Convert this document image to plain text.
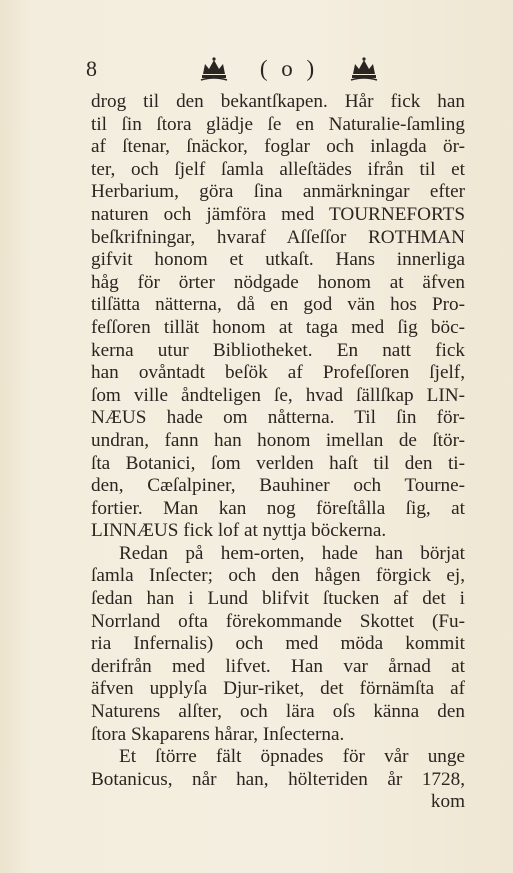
8	( o )
drog til den bekantſkapen. Hår fick han
til ſin ſtora glädje ſe en Naturalie-ſamling
af ſtenar, ſnäckor, foglar och inlagda ör-
ter, och ſjelf ſamla alleſtädes ifrån til et
Herbarium, göra ſina anmärkningar efter
naturen och jämföra med TOURNEFORTS
beſkrifningar, hvaraf Aſſeſſor ROTHMAN
gifvit honom et utkaſt. Hans innerliga
håg för örter nödgade honom at äfven
tilſätta nätterna, då en god vän hos Pro-
feſſoren tillät honom at taga med ſig böc-
kerna utur Bibliotheket. En natt fick
han ovåntadt beſök af Profeſſoren ſjelf,
ſom ville åndteligen ſe, hvad ſällſkap LIN-
NÆUS hade om nåtterna. Til ſin för-
undran, fann han honom imellan de ſtör-
ſta Botanici, ſom verlden haſt til den ti-
den, Cæſalpiner, Bauhiner och Tourne-
fortier. Man kan nog föreſtålla ſig, at
LINNÆUS fick lof at nyttja böckerna.
Redan på hem-orten, hade han börjat
ſamla Inſecter; och den hågen förgick ej,
ſedan han i Lund blifvit ſtucken af det i
Norrland ofta förekommande Skottet (Fu-
ria Infernalis) och med möda kommit
derifrån med lifvet. Han var årnad at
äfven upplyſa Djur-riket, det förnämſta af
Naturens alſter, och lära oſs känna den
ſtora Skaparens hårar, Inſecterna.
Et ſtörre fält öpnades för vår unge
Botanicus, når han, hölteтiden år 1728,
kom
